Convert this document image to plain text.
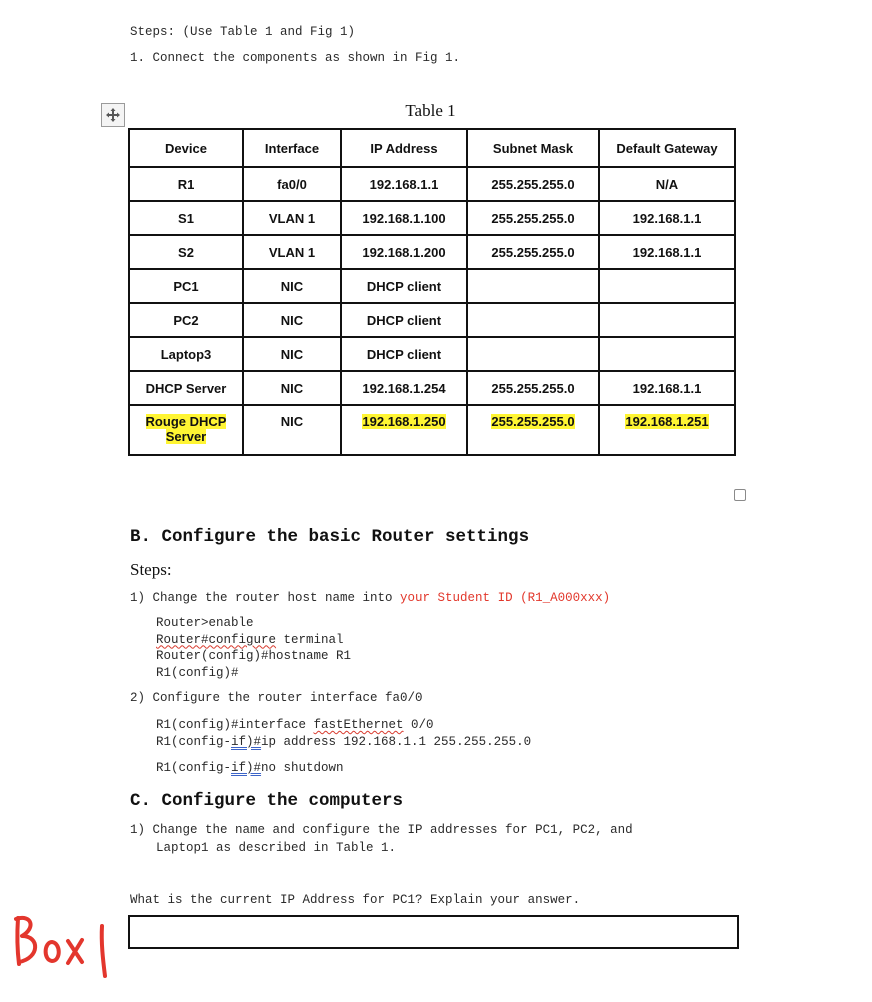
Steps: (Use Table 1 and Fig 1)
1. Connect the components as shown in Fig 1.
Table 1
Device	Interface	IP Address	Subnet Mask	Default Gateway
R1	fa0/0	192.168.1.1	255.255.255.0	N/A
S1	VLAN 1	192.168.1.100	255.255.255.0	192.168.1.1
S2	VLAN 1	192.168.1.200	255.255.255.0	192.168.1.1
PC1	NIC	DHCP client		
PC2	NIC	DHCP client		
Laptop3	NIC	DHCP client		
DHCP Server	NIC	192.168.1.254	255.255.255.0	192.168.1.1
Rouge DHCP
Server	NIC	192.168.1.250	255.255.255.0	192.168.1.251
B. Configure the basic Router settings
Steps:
1) Change the router host name into your Student ID (R1_A000xxx)
Router>enable
Router#configure terminal
Router(config)#hostname R1
R1(config)#
2) Configure the router interface fa0/0
R1(config)#interface fastEthernet 0/0
R1(config-if)#ip address 192.168.1.1 255.255.255.0
R1(config-if)#no shutdown
C. Configure the computers
1) Change the name and configure the IP addresses for PC1, PC2, and
Laptop1 as described in Table 1.
What is the current IP Address for PC1? Explain your answer.
